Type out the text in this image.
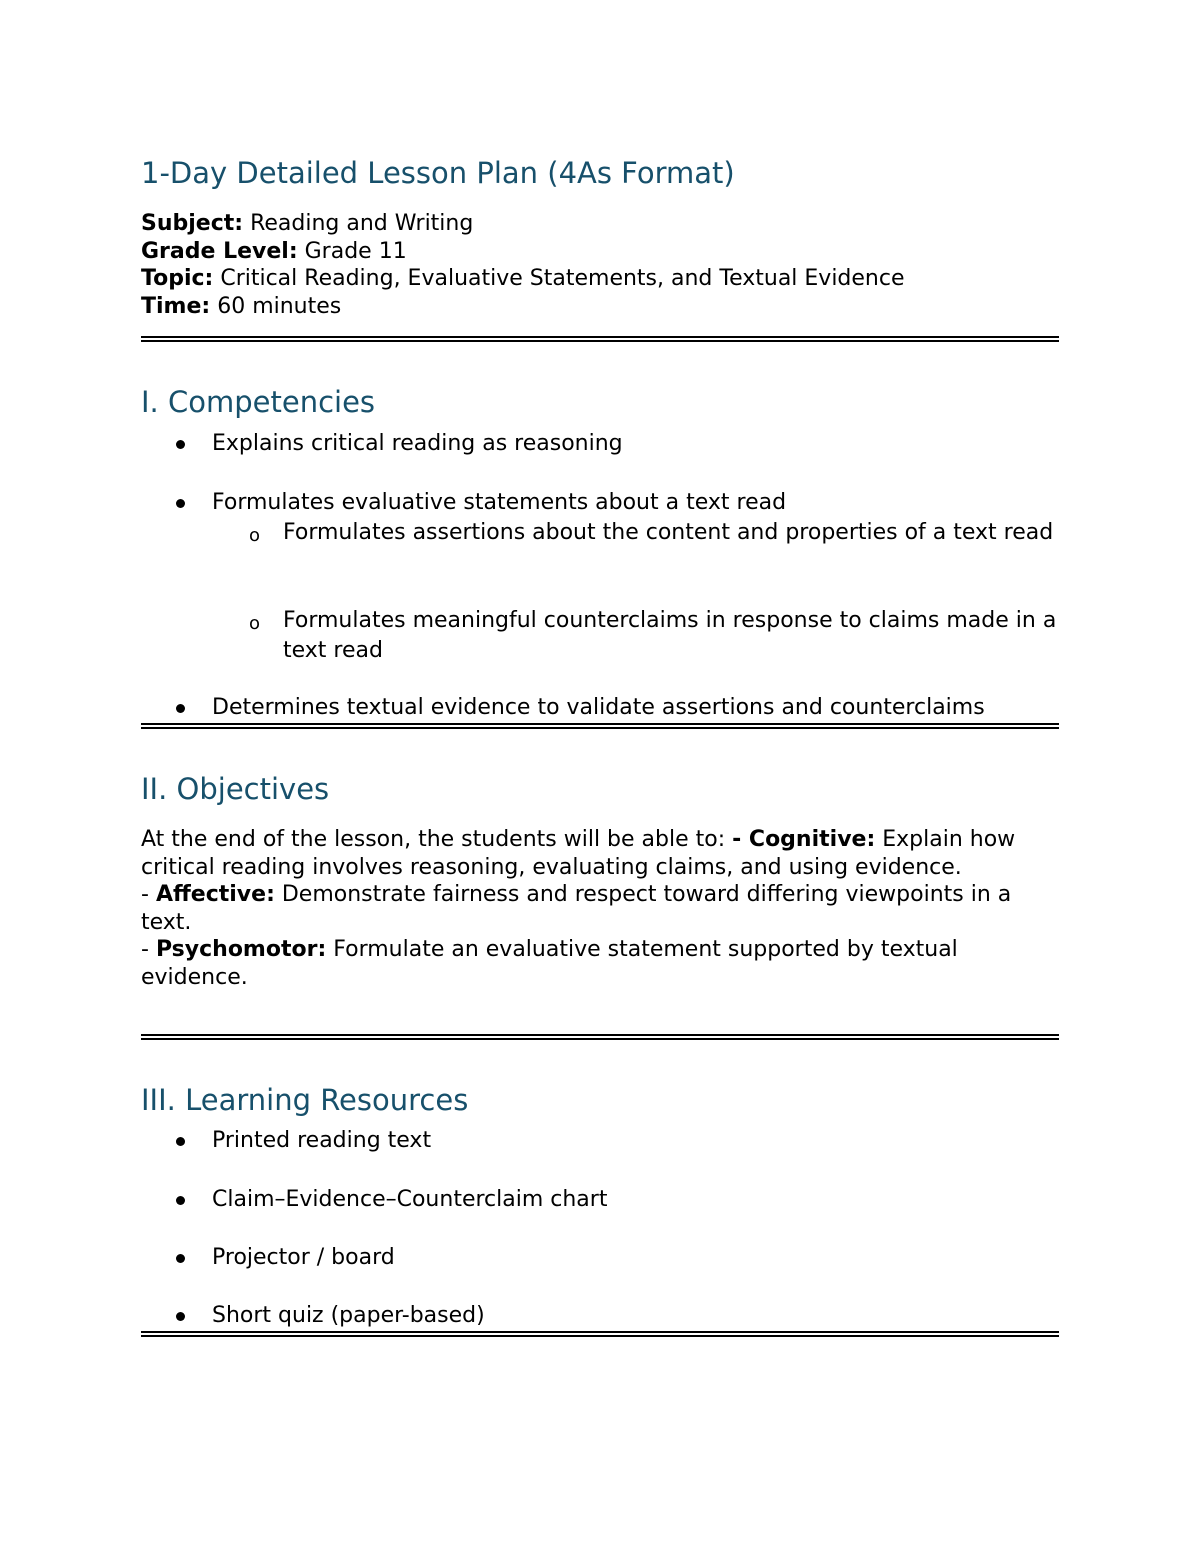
1-Day Detailed Lesson Plan (4As Format)
Subject: Reading and Writing
Grade Level: Grade 11
Topic: Critical Reading, Evaluative Statements, and Textual Evidence
Time: 60 minutes
I. Competencies
Explains critical reading as reasoning
Formulates evaluative statements about a text read
o Formulates assertions about the content and properties of a text read
o Formulates meaningful counterclaims in response to claims made in a text read
Determines textual evidence to validate assertions and counterclaims
II. Objectives
At the end of the lesson, the students will be able to: - Cognitive: Explain how critical reading involves reasoning, evaluating claims, and using evidence.
- Affective: Demonstrate fairness and respect toward differing viewpoints in a text.
- Psychomotor: Formulate an evaluative statement supported by textual evidence.
III. Learning Resources
Printed reading text
Claim–Evidence–Counterclaim chart
Projector / board
Short quiz (paper-based)
